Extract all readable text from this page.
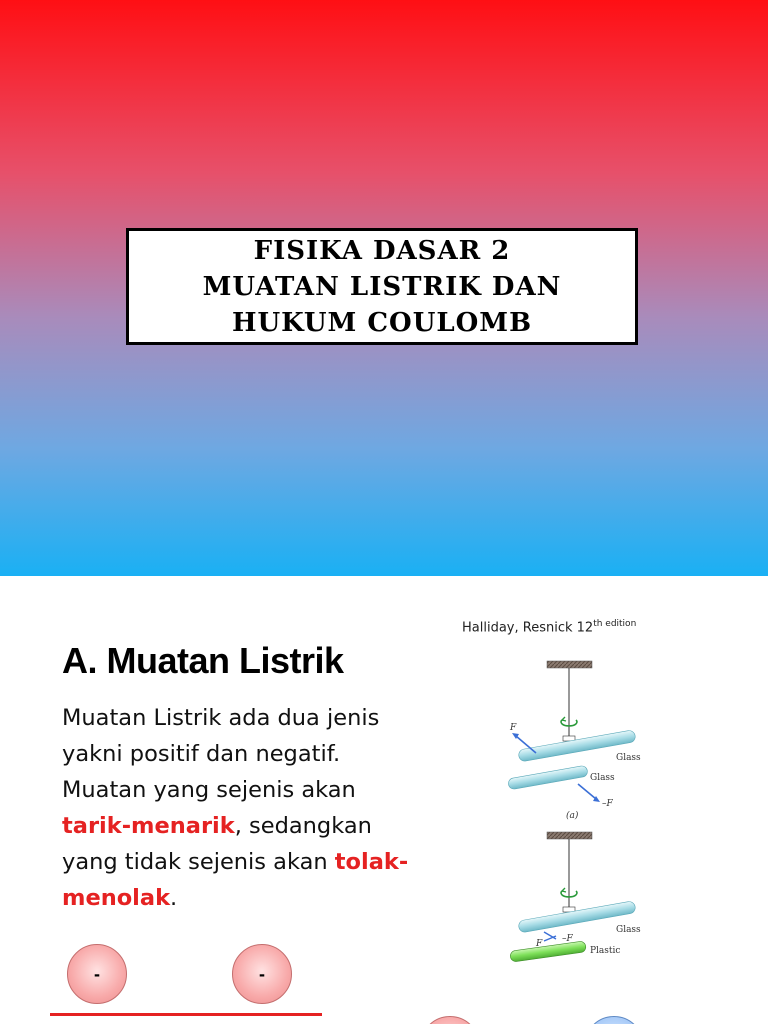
FISIKA DASAR 2
MUATAN LISTRIK DAN
HUKUM COULOMB
A. Muatan Listrik

Muatan Listrik ada dua jenis yakni positif dan negatif. Muatan yang sejenis akan tarik-menarik, sedangkan yang tidak sejenis akan tolak- menolak.

Halliday, Resnick $12^{th edition}$
F
–F
Glass
Glass
(a)
F –F
Glass
Plastic
-	-
